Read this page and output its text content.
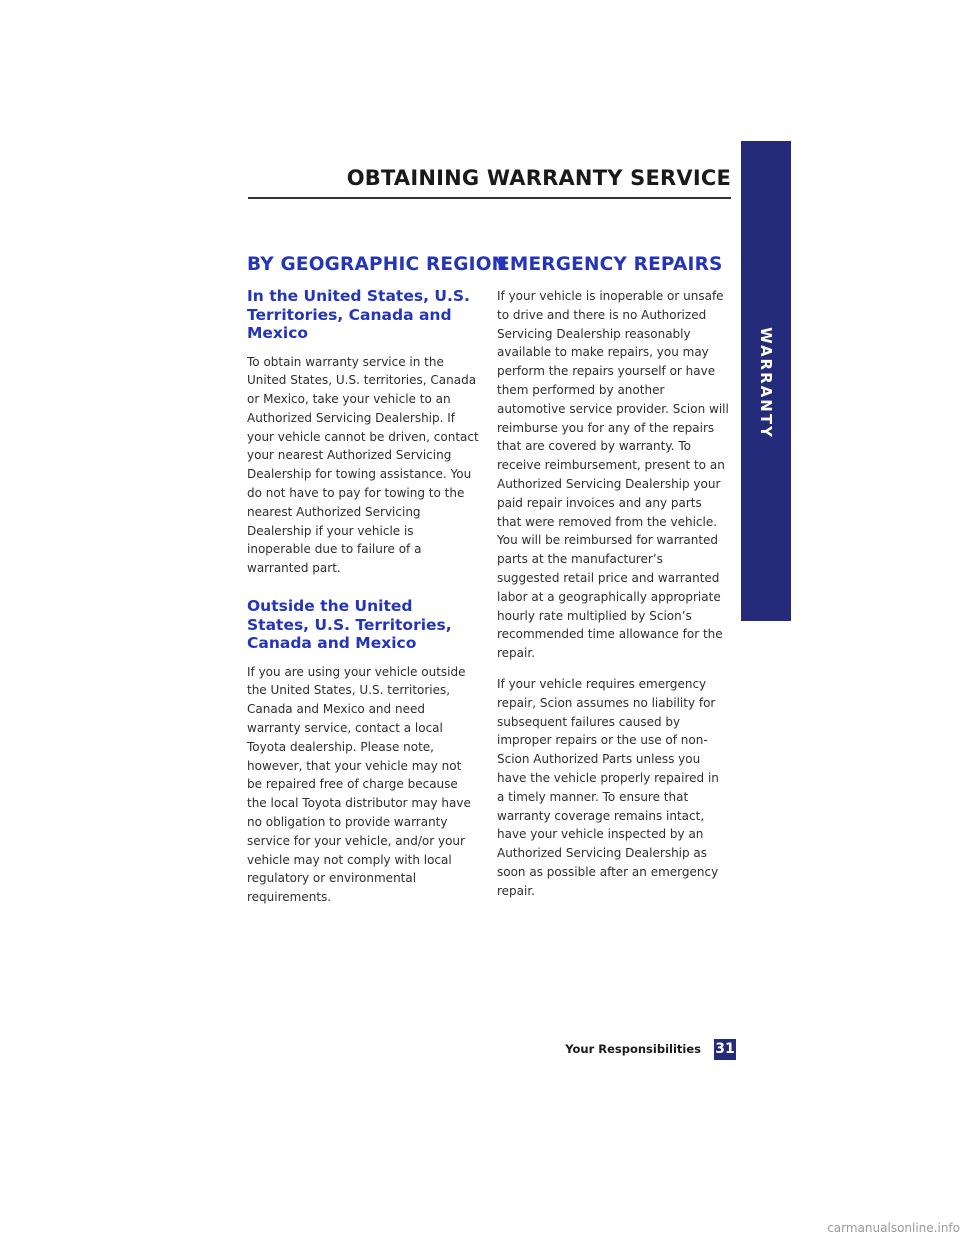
OBTAINING WARRANTY SERVICE
WARRANTY
BY GEOGRAPHIC REGION
In the United States, U.S. Territories, Canada and Mexico

To obtain warranty service in the United States, U.S. territories, Canada or Mexico, take your vehicle to an Authorized Servicing Dealership. If your vehicle cannot be driven, contact your nearest Authorized Servicing Dealership for towing assistance. You do not have to pay for towing to the nearest Authorized Servicing Dealership if your vehicle is inoperable due to failure of a warranted part.

Outside the United States, U.S. Territories, Canada and Mexico

If you are using your vehicle outside the United States, U.S. territories, Canada and Mexico and need warranty service, contact a local Toyota dealership. Please note, however, that your vehicle may not be repaired free of charge because the local Toyota distributor may have no obligation to provide warranty service for your vehicle, and/or your vehicle may not comply with local regulatory or environmental requirements.

EMERGENCY REPAIRS

If your vehicle is inoperable or unsafe to drive and there is no Authorized Servicing Dealership reasonably available to make repairs, you may perform the repairs yourself or have them performed by another automotive service provider. Scion will reimburse you for any of the repairs that are covered by warranty. To receive reimbursement, present to an Authorized Servicing Dealership your paid repair invoices and any parts that were removed from the vehicle. You will be reimbursed for warranted parts at the manufacturer’s suggested retail price and warranted labor at a geographically appropriate hourly rate multiplied by Scion’s recommended time allowance for the repair.

If your vehicle requires emergency repair, Scion assumes no liability for subsequent failures caused by improper repairs or the use of non-Scion Authorized Parts unless you have the vehicle properly repaired in a timely manner. To ensure that warranty coverage remains intact, have your vehicle inspected by an Authorized Servicing Dealership as soon as possible after an emergency repair.

Your Responsibilities 31
carmanualsonline.info
